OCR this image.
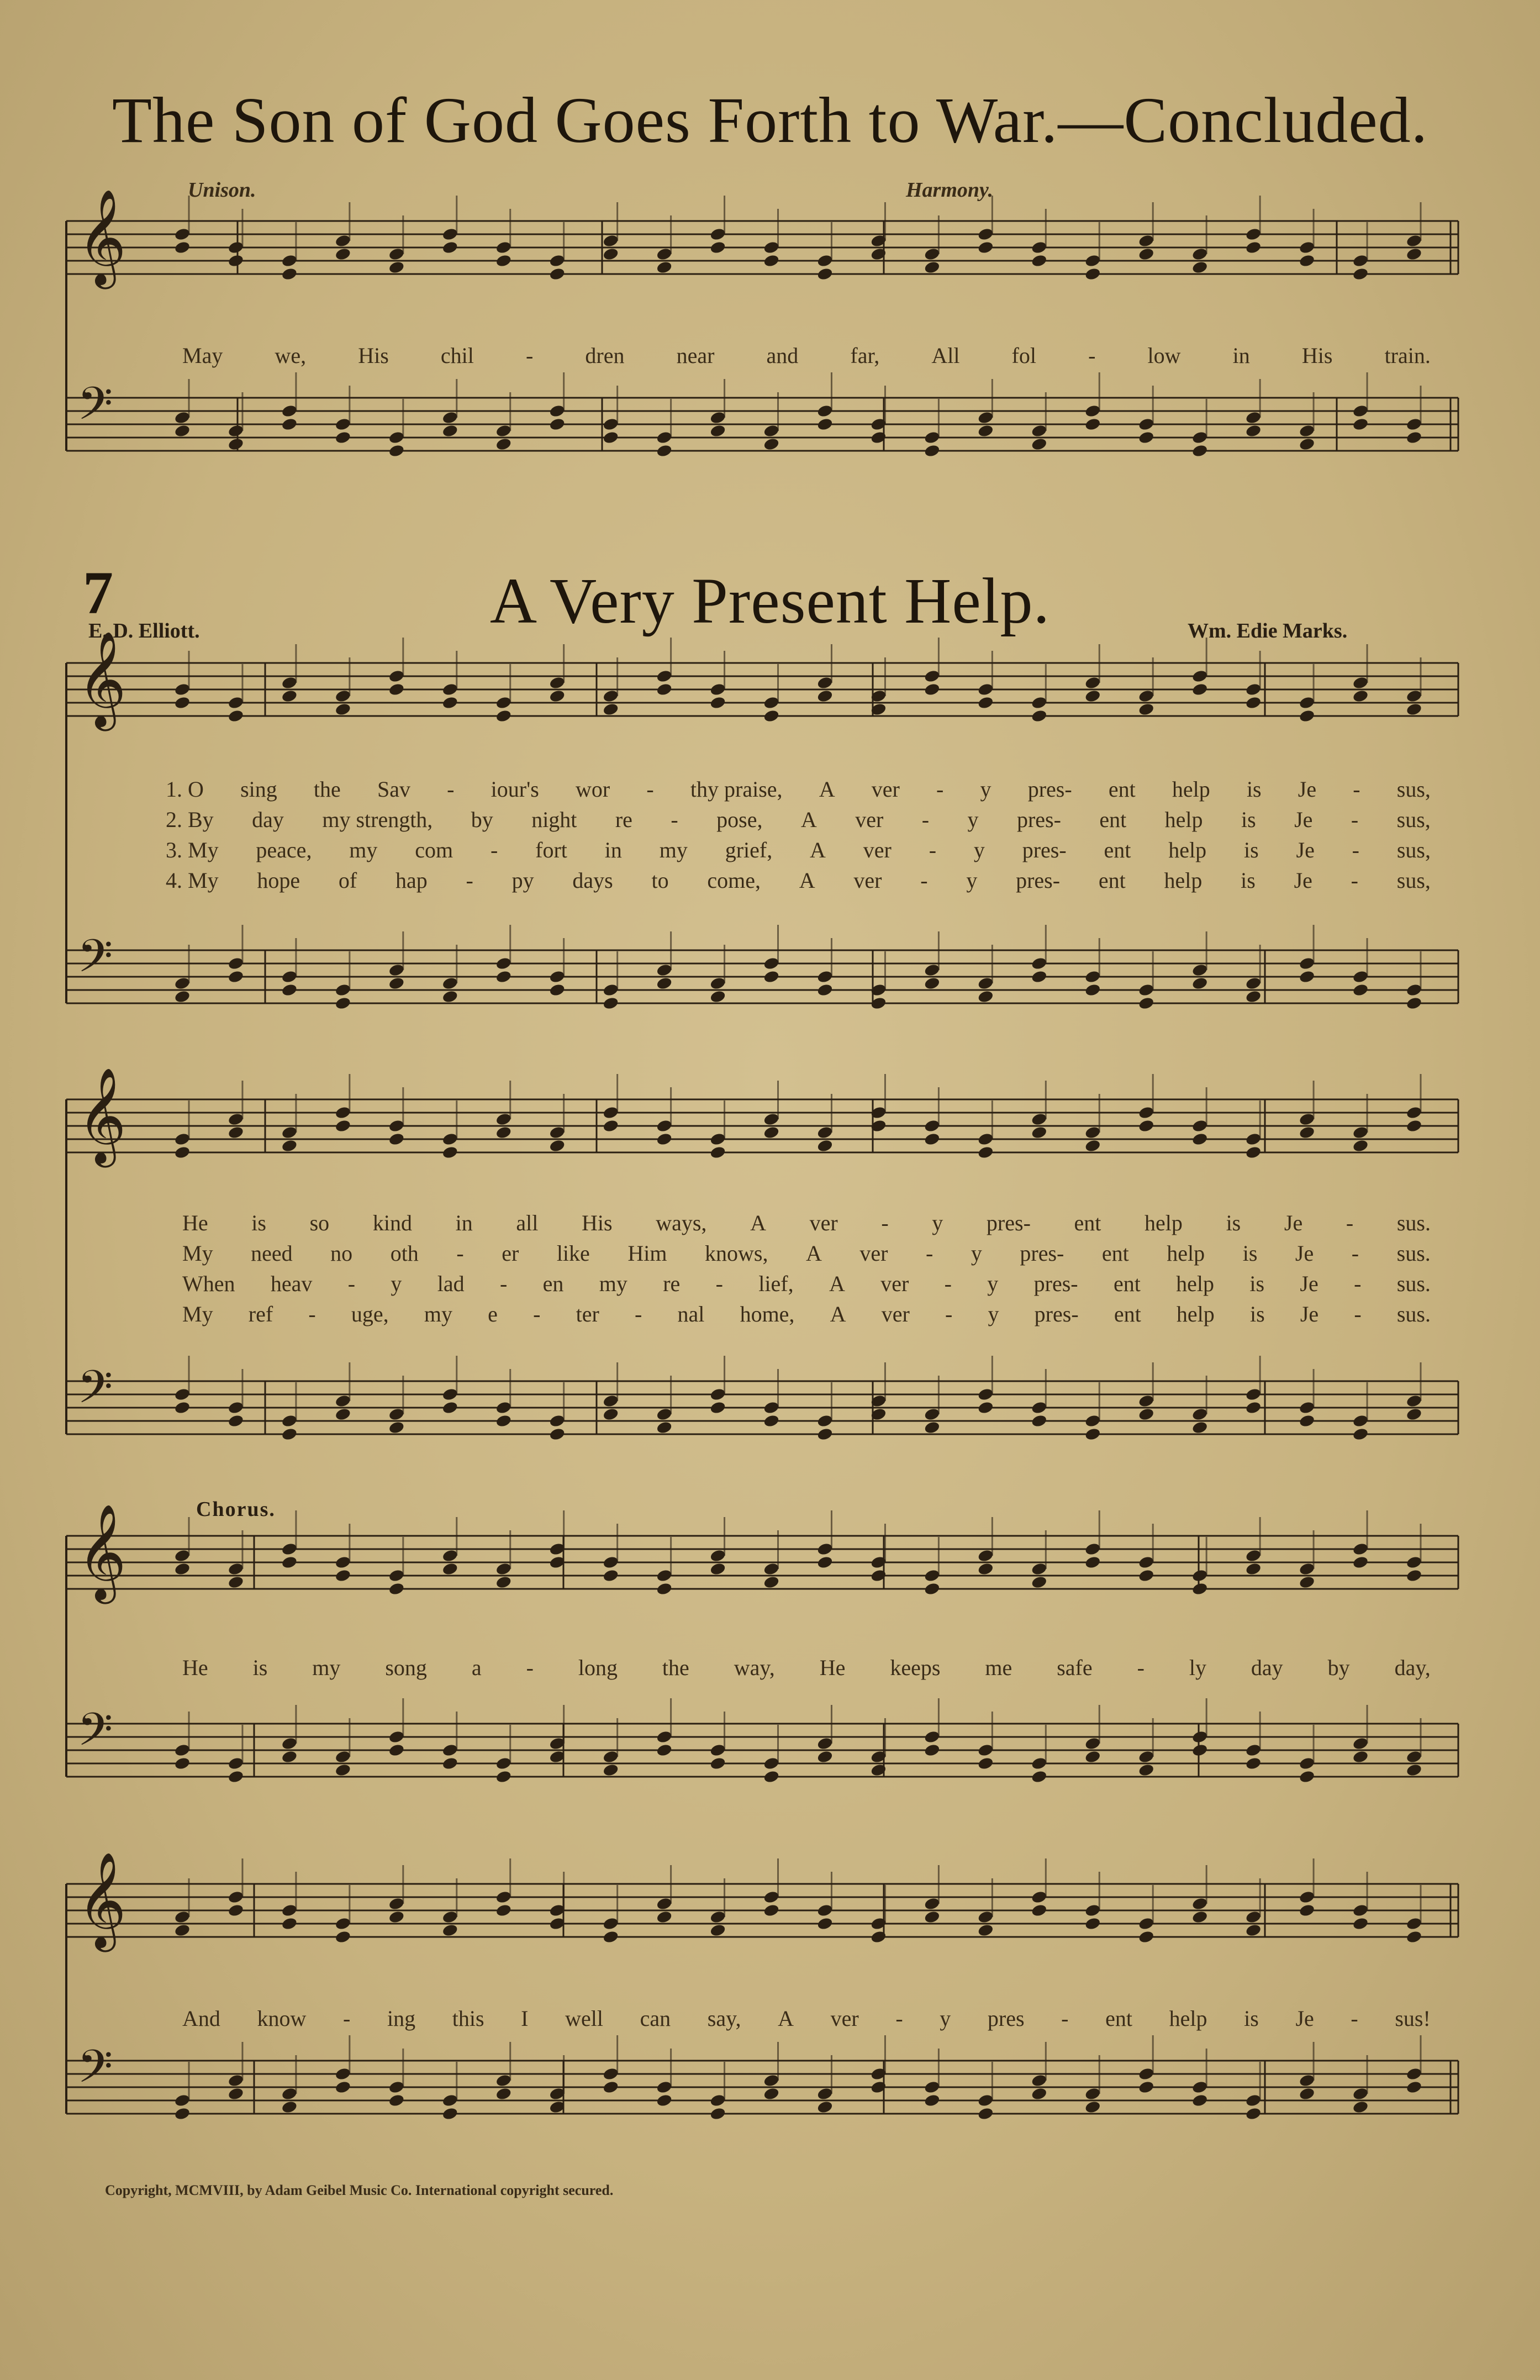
The Son of God Goes Forth to War.—Concluded.
Unison.	Harmony.
May we, His chil - dren near and far, All fol - low in His train.
7	A Very Present Help.
E. D. Elliott.	Wm. Edie Marks.
1. O sing the Sav - iour's wor - thy praise, A ver - y pres- ent help is Je - sus,
2. By day my strength, by night re - pose, A ver - y pres- ent help is Je - sus,
3. My peace, my com - fort in my grief, A ver - y pres- ent help is Je - sus,
4. My hope of hap - py days to come, A ver - y pres- ent help is Je - sus,
He is so kind in all His ways, A ver - y pres- ent help is Je - sus.
My need no oth - er like Him knows, A ver - y pres- ent help is Je - sus.
When heav - y lad - en my re - lief, A ver - y pres- ent help is Je - sus.
My ref - uge, my e - ter - nal home, A ver - y pres- ent help is Je - sus.
Chorus.
He is my song a - long the way, He keeps me safe - ly day by day,
And know - ing this I well can say, A ver - y pres - ent help is Je - sus!
Copyright, MCMVIII, by Adam Geibel Music Co. International copyright secured.
𝄞
𝄢
𝄞
𝄢
𝄞
𝄢
𝄞
𝄢
𝄞
𝄢
